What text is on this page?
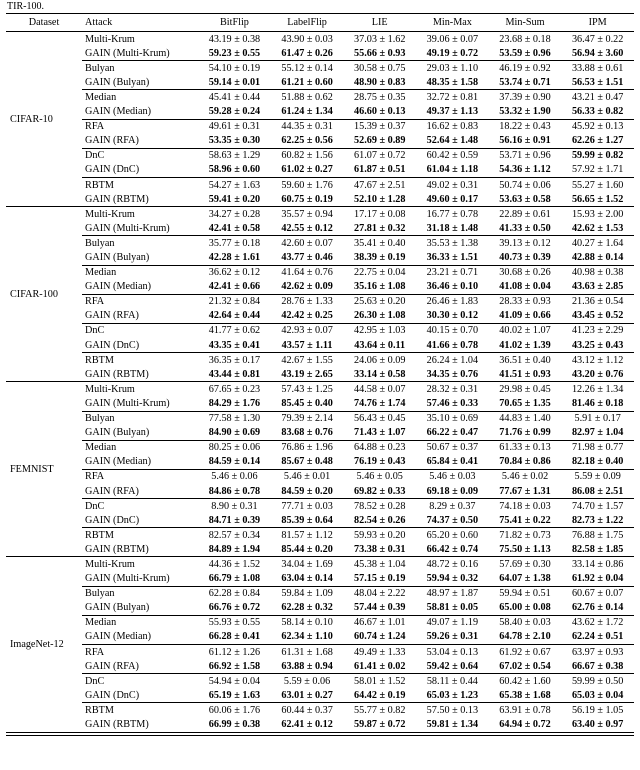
TIR-100.
Dataset	Attack	BitFlip	LabelFlip	LIE	Min-Max	Min-Sum	IPM
CIFAR-10	Multi-Krum	43.19 ± 0.38	43.90 ± 0.03	37.03 ± 1.62	39.06 ± 0.07	23.68 ± 0.18	36.47 ± 0.22
	GAIN (Multi-Krum)	59.23 ± 0.55	61.47 ± 0.26	55.66 ± 0.93	49.19 ± 0.72	53.59 ± 0.96	56.94 ± 3.60
	Bulyan	54.10 ± 0.19	55.12 ± 0.14	30.58 ± 0.75	29.03 ± 1.10	46.19 ± 0.92	33.88 ± 0.61
	GAIN (Bulyan)	59.14 ± 0.01	61.21 ± 0.60	48.90 ± 0.83	48.35 ± 1.58	53.74 ± 0.71	56.53 ± 1.51
	Median	45.41 ± 0.44	51.88 ± 0.62	28.75 ± 0.35	32.72 ± 0.81	37.39 ± 0.90	43.21 ± 0.47
	GAIN (Median)	59.28 ± 0.24	61.24 ± 1.34	46.60 ± 0.13	49.37 ± 1.13	53.32 ± 1.90	56.33 ± 0.82
	RFA	49.61 ± 0.31	44.35 ± 0.31	15.39 ± 0.37	16.62 ± 0.83	18.22 ± 0.43	45.92 ± 0.13
	GAIN (RFA)	53.35 ± 0.30	62.25 ± 0.56	52.69 ± 0.89	52.64 ± 1.48	56.16 ± 0.91	62.26 ± 1.27
	DnC	58.63 ± 1.29	60.82 ± 1.56	61.07 ± 0.72	60.42 ± 0.59	53.71 ± 0.96	59.99 ± 0.82
	GAIN (DnC)	58.96 ± 0.60	61.02 ± 0.27	61.87 ± 0.51	61.04 ± 1.18	54.36 ± 1.12	57.92 ± 1.71
	RBTM	54.27 ± 1.63	59.60 ± 1.76	47.67 ± 2.51	49.02 ± 0.31	50.74 ± 0.06	55.27 ± 1.60
	GAIN (RBTM)	59.41 ± 0.20	60.75 ± 0.19	52.10 ± 1.28	49.60 ± 0.17	53.63 ± 0.58	56.65 ± 1.52
CIFAR-100	Multi-Krum	34.27 ± 0.28	35.57 ± 0.94	17.17 ± 0.08	16.77 ± 0.78	22.89 ± 0.61	15.93 ± 2.00
	GAIN (Multi-Krum)	42.41 ± 0.58	42.55 ± 0.12	27.81 ± 0.32	31.18 ± 1.48	41.33 ± 0.50	42.62 ± 1.53
	Bulyan	35.77 ± 0.18	42.60 ± 0.07	35.41 ± 0.40	35.53 ± 1.38	39.13 ± 0.12	40.27 ± 1.64
	GAIN (Bulyan)	42.28 ± 1.61	43.77 ± 0.46	38.39 ± 0.19	36.33 ± 1.51	40.73 ± 0.39	42.88 ± 0.14
	Median	36.62 ± 0.12	41.64 ± 0.76	22.75 ± 0.04	23.21 ± 0.71	30.68 ± 0.26	40.98 ± 0.38
	GAIN (Median)	42.41 ± 0.66	42.62 ± 0.09	35.16 ± 1.08	36.46 ± 0.10	41.08 ± 0.04	43.63 ± 2.85
	RFA	21.32 ± 0.84	28.76 ± 1.33	25.63 ± 0.20	26.46 ± 1.83	28.33 ± 0.93	21.36 ± 0.54
	GAIN (RFA)	42.64 ± 0.44	42.42 ± 0.25	26.30 ± 1.08	30.30 ± 0.12	41.09 ± 0.66	43.45 ± 0.52
	DnC	41.77 ± 0.62	42.93 ± 0.07	42.95 ± 1.03	40.15 ± 0.70	40.02 ± 1.07	41.23 ± 2.29
	GAIN (DnC)	43.35 ± 0.41	43.57 ± 1.11	43.64 ± 0.11	41.66 ± 0.78	41.02 ± 1.39	43.25 ± 0.43
	RBTM	36.35 ± 0.17	42.67 ± 1.55	24.06 ± 0.09	26.24 ± 1.04	36.51 ± 0.40	43.12 ± 1.12
	GAIN (RBTM)	43.44 ± 0.81	43.19 ± 2.65	33.14 ± 0.58	34.35 ± 0.76	41.51 ± 0.93	43.20 ± 0.76
FEMNIST	Multi-Krum	67.65 ± 0.23	57.43 ± 1.25	44.58 ± 0.07	28.32 ± 0.31	29.98 ± 0.45	12.26 ± 1.34
	GAIN (Multi-Krum)	84.29 ± 1.76	85.45 ± 0.40	74.76 ± 1.74	57.46 ± 0.33	70.65 ± 1.35	81.46 ± 0.18
	Bulyan	77.58 ± 1.30	79.39 ± 2.14	56.43 ± 0.45	35.10 ± 0.69	44.83 ± 1.40	5.91 ± 0.17
	GAIN (Bulyan)	84.90 ± 0.69	83.68 ± 0.76	71.43 ± 1.07	66.22 ± 0.47	71.76 ± 0.99	82.97 ± 1.04
	Median	80.25 ± 0.06	76.86 ± 1.96	64.88 ± 0.23	50.67 ± 0.37	61.33 ± 0.13	71.98 ± 0.77
	GAIN (Median)	84.59 ± 0.14	85.67 ± 0.48	76.19 ± 0.43	65.84 ± 0.41	70.84 ± 0.86	82.18 ± 0.40
	RFA	5.46 ± 0.06	5.46 ± 0.01	5.46 ± 0.05	5.46 ± 0.03	5.46 ± 0.02	5.59 ± 0.09
	GAIN (RFA)	84.86 ± 0.78	84.59 ± 0.20	69.82 ± 0.33	69.18 ± 0.09	77.67 ± 1.31	86.08 ± 2.51
	DnC	8.90 ± 0.31	77.71 ± 0.03	78.52 ± 0.28	8.29 ± 0.37	74.18 ± 0.03	74.70 ± 1.57
	GAIN (DnC)	84.71 ± 0.39	85.39 ± 0.64	82.54 ± 0.26	74.37 ± 0.50	75.41 ± 0.22	82.73 ± 1.22
	RBTM	82.57 ± 0.34	81.57 ± 1.12	59.93 ± 0.20	65.20 ± 0.60	71.82 ± 0.73	76.88 ± 1.75
	GAIN (RBTM)	84.89 ± 1.94	85.44 ± 0.20	73.38 ± 0.31	66.42 ± 0.74	75.50 ± 1.13	82.58 ± 1.85
ImageNet-12	Multi-Krum	44.36 ± 1.52	34.04 ± 1.69	45.38 ± 1.04	48.72 ± 0.16	57.69 ± 0.30	33.14 ± 0.86
	GAIN (Multi-Krum)	66.79 ± 1.08	63.04 ± 0.14	57.15 ± 0.19	59.94 ± 0.32	64.07 ± 1.38	61.92 ± 0.04
	Bulyan	62.28 ± 0.84	59.84 ± 1.09	48.04 ± 2.22	48.97 ± 1.87	59.94 ± 0.51	60.67 ± 0.07
	GAIN (Bulyan)	66.76 ± 0.72	62.28 ± 0.32	57.44 ± 0.39	58.81 ± 0.05	65.00 ± 0.08	62.76 ± 0.14
	Median	55.93 ± 0.55	58.14 ± 0.10	46.67 ± 1.01	49.07 ± 1.19	58.40 ± 0.03	43.62 ± 1.72
	GAIN (Median)	66.28 ± 0.41	62.34 ± 1.10	60.74 ± 1.24	59.26 ± 0.31	64.78 ± 2.10	62.24 ± 0.51
	RFA	61.12 ± 1.26	61.31 ± 1.68	49.49 ± 1.33	53.04 ± 0.13	61.92 ± 0.67	63.97 ± 0.93
	GAIN (RFA)	66.92 ± 1.58	63.88 ± 0.94	61.41 ± 0.02	59.42 ± 0.64	67.02 ± 0.54	66.67 ± 0.38
	DnC	54.94 ± 0.04	5.59 ± 0.06	58.01 ± 1.52	58.11 ± 0.44	60.42 ± 1.60	59.99 ± 0.50
	GAIN (DnC)	65.19 ± 1.63	63.01 ± 0.27	64.42 ± 0.19	65.03 ± 1.23	65.38 ± 1.68	65.03 ± 0.04
	RBTM	60.06 ± 1.76	60.44 ± 0.37	55.77 ± 0.82	57.50 ± 0.13	63.91 ± 0.78	56.19 ± 1.05
	GAIN (RBTM)	66.99 ± 0.38	62.41 ± 0.12	59.87 ± 0.72	59.81 ± 1.34	64.94 ± 0.72	63.40 ± 0.97
